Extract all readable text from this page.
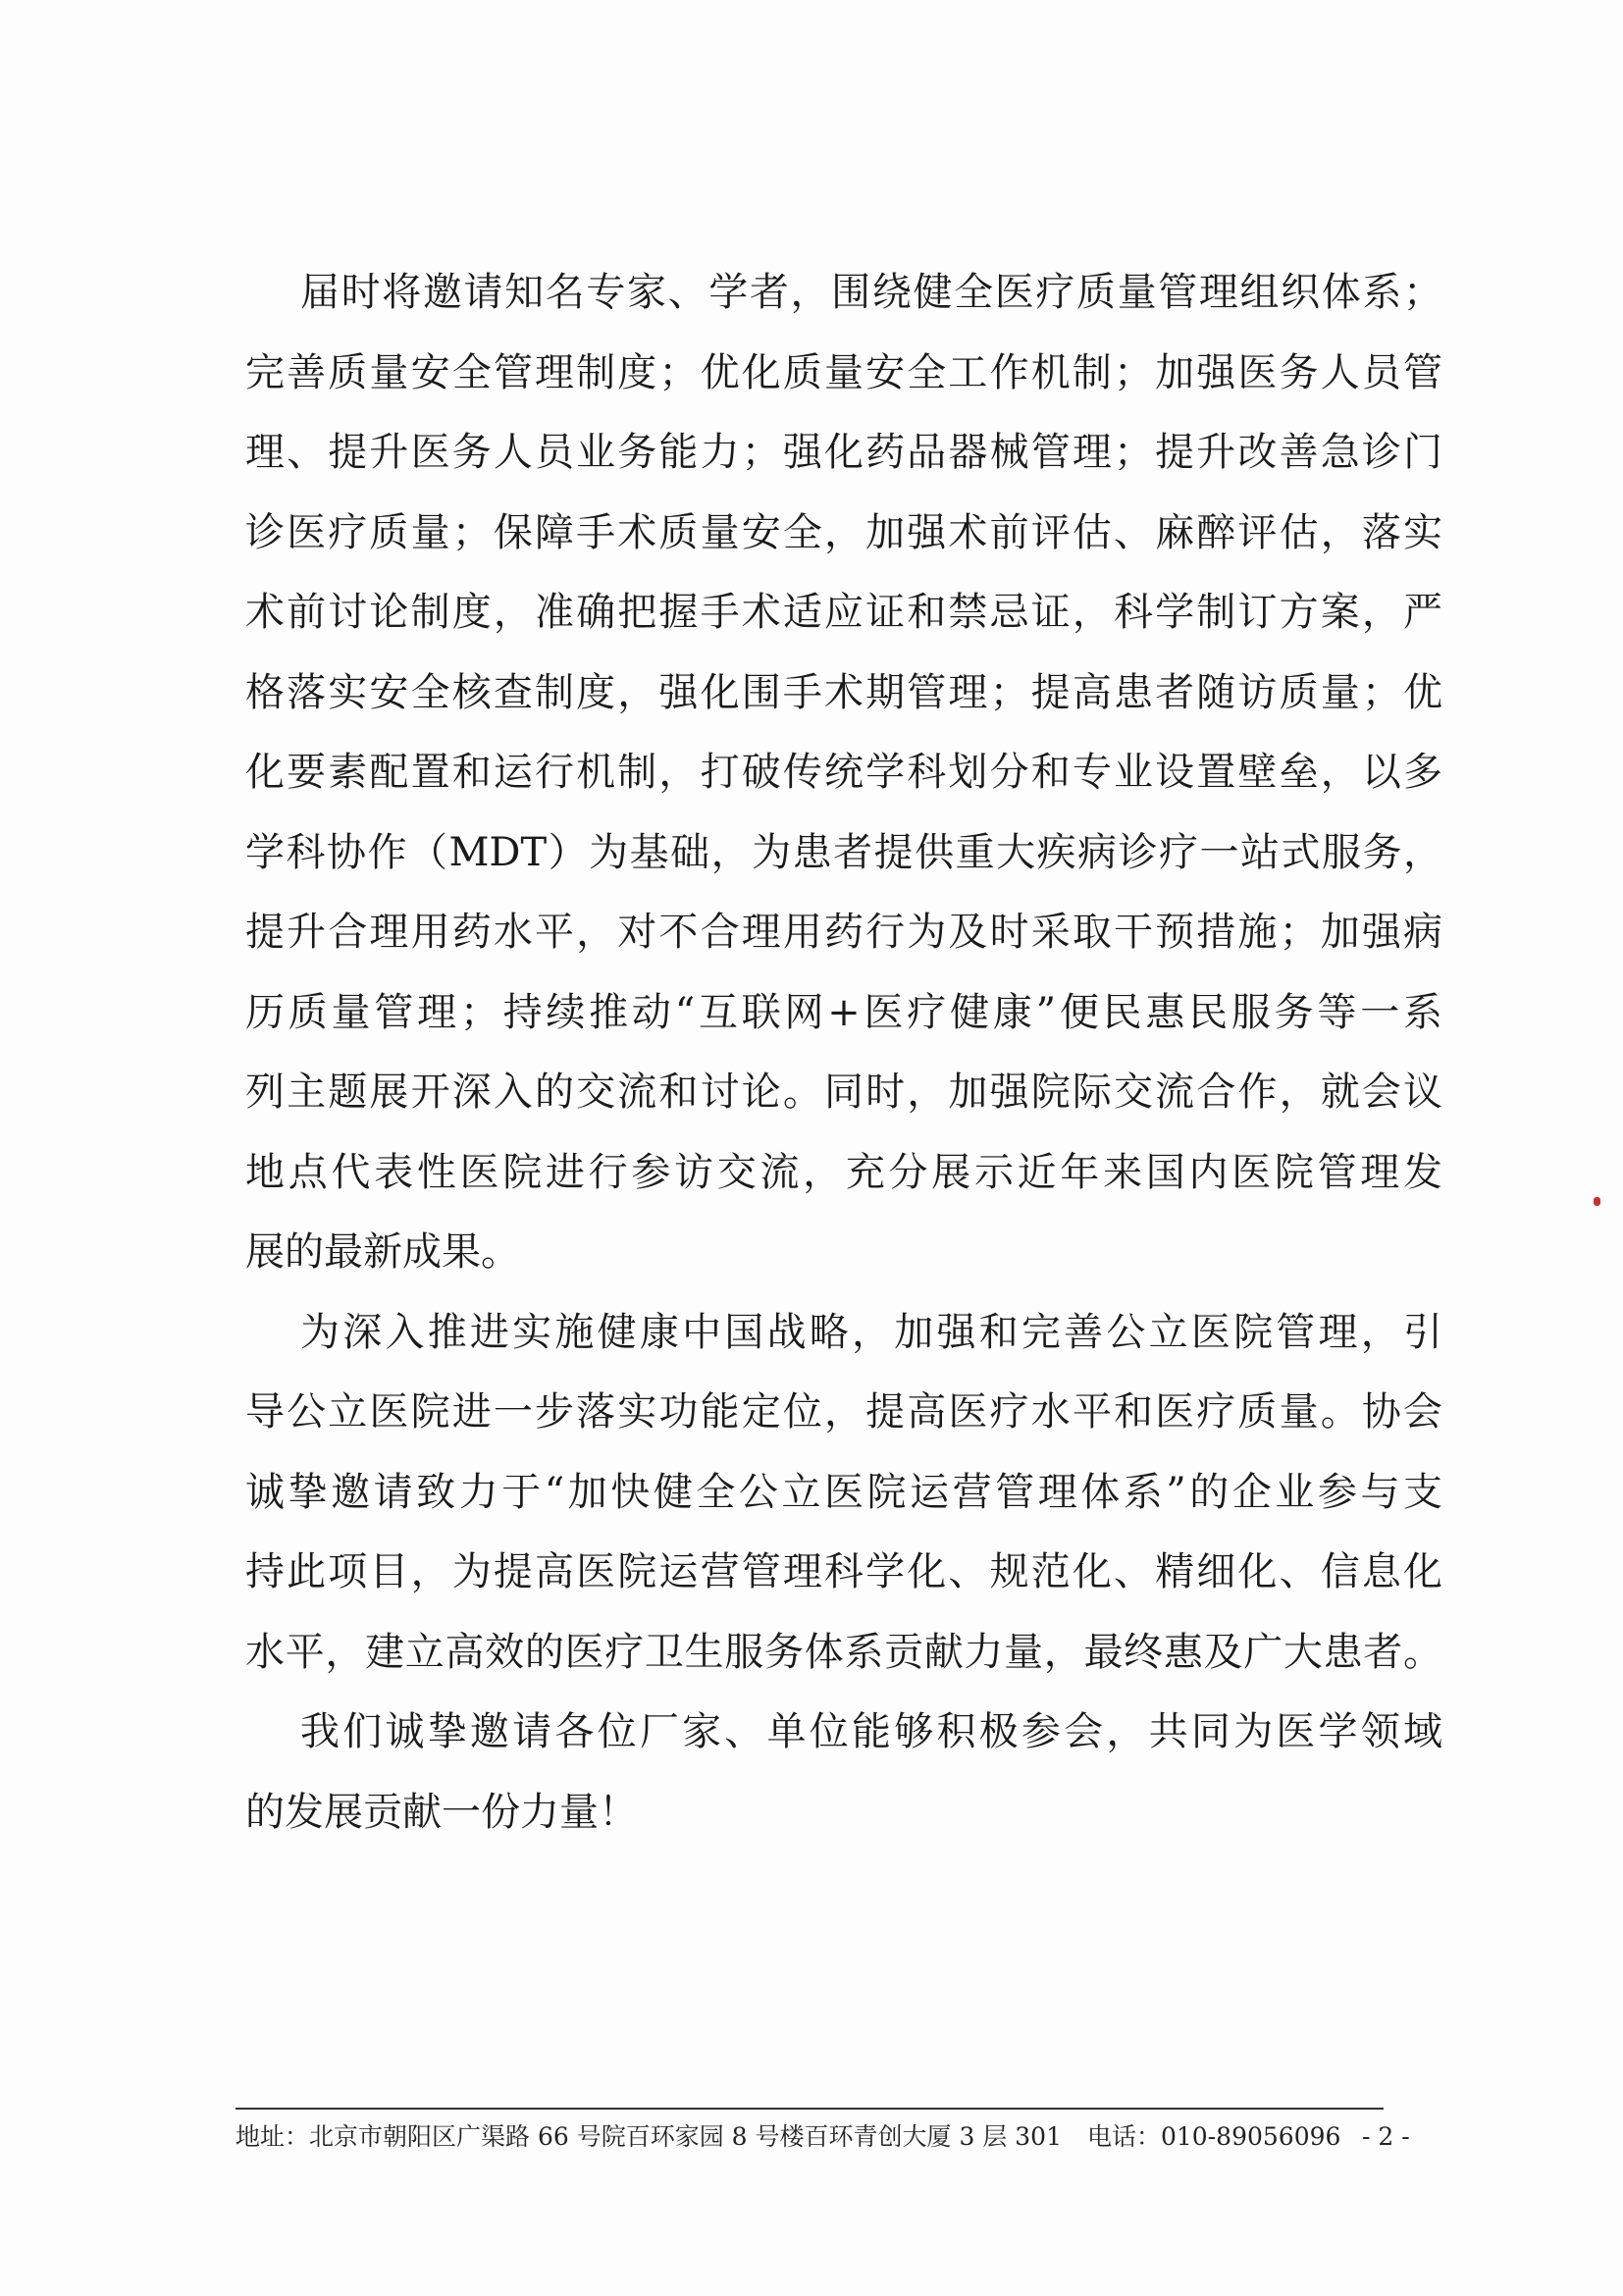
届时将邀请知名专家、学者，围绕健全医疗质量管理组织体系；
完善质量安全管理制度；优化质量安全工作机制；加强医务人员管
理、提升医务人员业务能力；强化药品器械管理；提升改善急诊门
诊医疗质量；保障手术质量安全，加强术前评估、麻醉评估，落实
术前讨论制度，准确把握手术适应证和禁忌证，科学制订方案，严
格落实安全核查制度，强化围手术期管理；提高患者随访质量；优
化要素配置和运行机制，打破传统学科划分和专业设置壁垒，以多
学科协作（MDT）为基础，为患者提供重大疾病诊疗一站式服务，
提升合理用药水平，对不合理用药行为及时采取干预措施；加强病
历质量管理；持续推动“互联网+医疗健康”便民惠民服务等一系
列主题展开深入的交流和讨论。同时，加强院际交流合作，就会议
地点代表性医院进行参访交流，充分展示近年来国内医院管理发
展的最新成果。
为深入推进实施健康中国战略，加强和完善公立医院管理，引
导公立医院进一步落实功能定位，提高医疗水平和医疗质量。协会
诚挚邀请致力于“加快健全公立医院运营管理体系”的企业参与支
持此项目，为提高医院运营管理科学化、规范化、精细化、信息化
水平，建立高效的医疗卫生服务体系贡献力量，最终惠及广大患者。
我们诚挚邀请各位厂家、单位能够积极参会，共同为医学领域
的发展贡献一份力量！
地址：北京市朝阳区广渠路 66 号院百环家园 8 号楼百环青创大厦 3 层 301 电话：010-89056096 - 2 -
